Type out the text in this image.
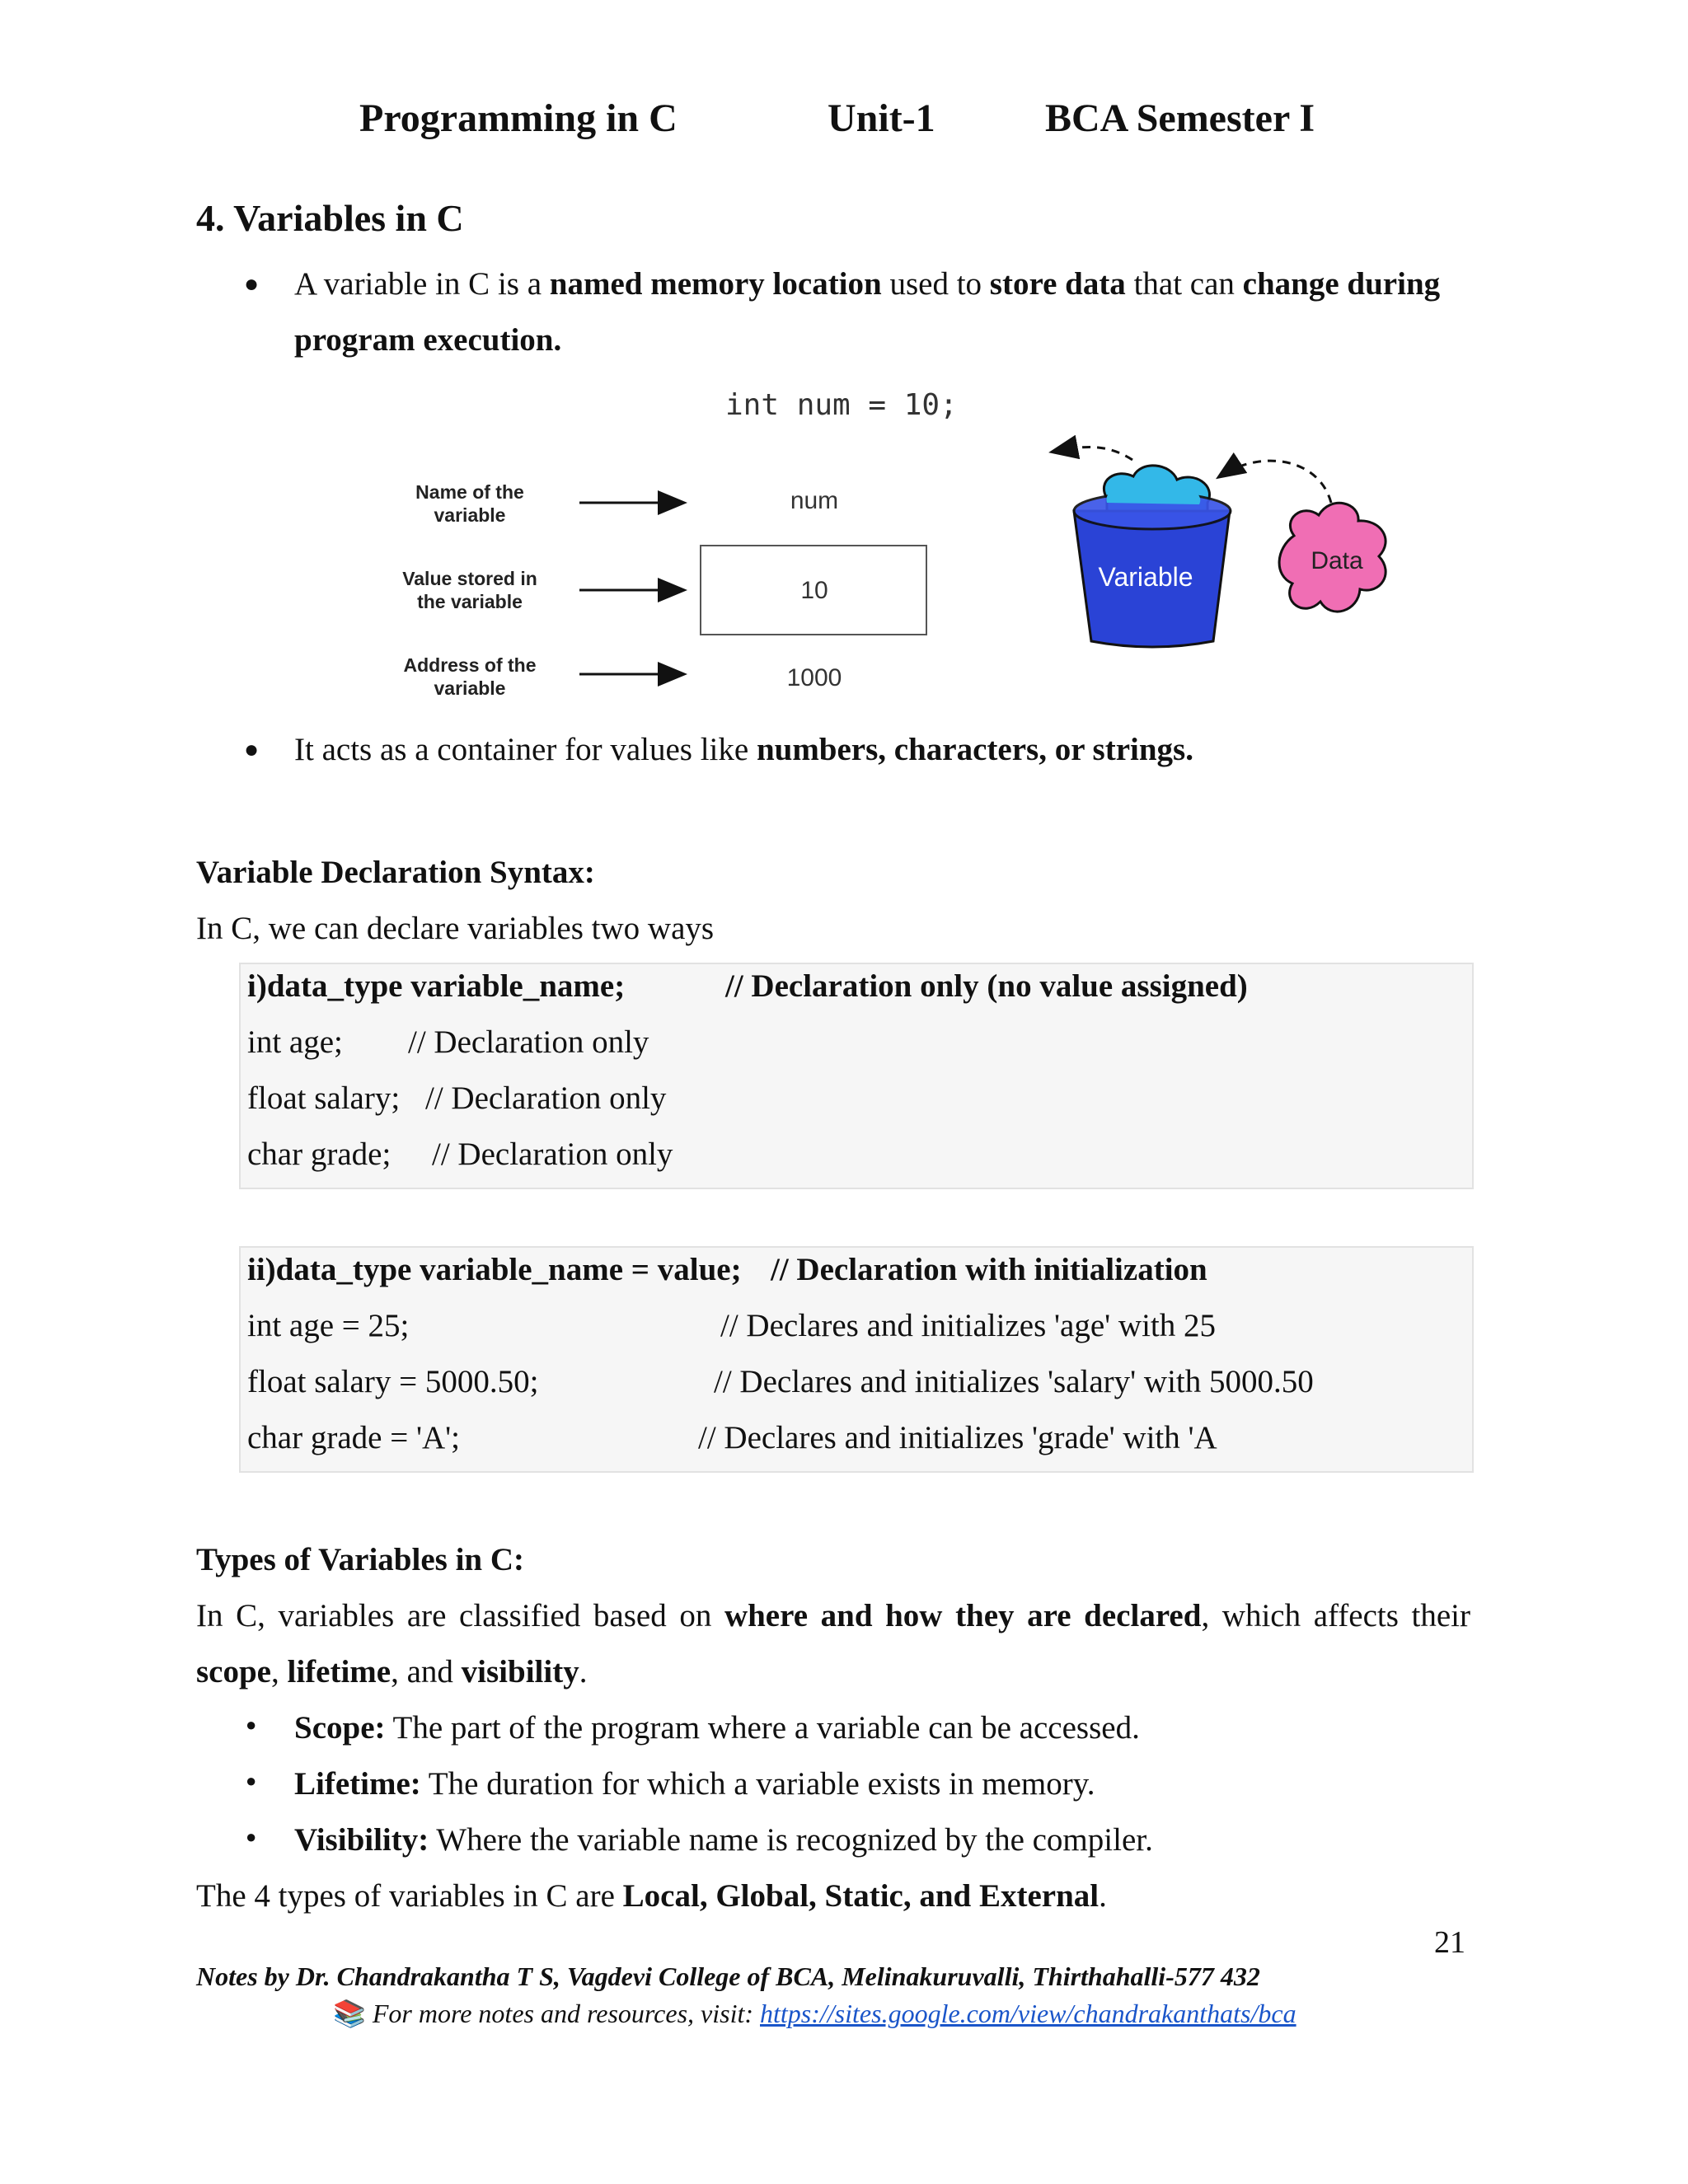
Programming in C	Unit-1	BCA Semester I
4. Variables in C
● A variable in C is a named memory location used to store data that can change during
program execution.
int num = 10;
Name of the
variable
Value stored in
the variable
Address of the
variable
num
10
1000
Variable
Data
● It acts as a container for values like numbers, characters, or strings.
Variable Declaration Syntax:
In C, we can declare variables two ways
i)data_type variable_name;	// Declaration only (no value assigned)
int age; // Declaration only
float salary; // Declaration only
char grade; // Declaration only
ii)data_type variable_name = value; // Declaration with initialization
int age = 25;	// Declares and initializes 'age' with 25
float salary = 5000.50;	// Declares and initializes 'salary' with 5000.50
char grade = 'A';	// Declares and initializes 'grade' with 'A
Types of Variables in C:
In C, variables are classified based on where and how they are declared, which affects their
scope, lifetime, and visibility.
● Scope: The part of the program where a variable can be accessed.
● Lifetime: The duration for which a variable exists in memory.
● Visibility: Where the variable name is recognized by the compiler.
The 4 types of variables in C are Local, Global, Static, and External.
21
Notes by Dr. Chandrakantha T S, Vagdevi College of BCA, Melinakuruvalli, Thirthahalli-577 432
📚 For more notes and resources, visit: https://sites.google.com/view/chandrakanthats/bca
